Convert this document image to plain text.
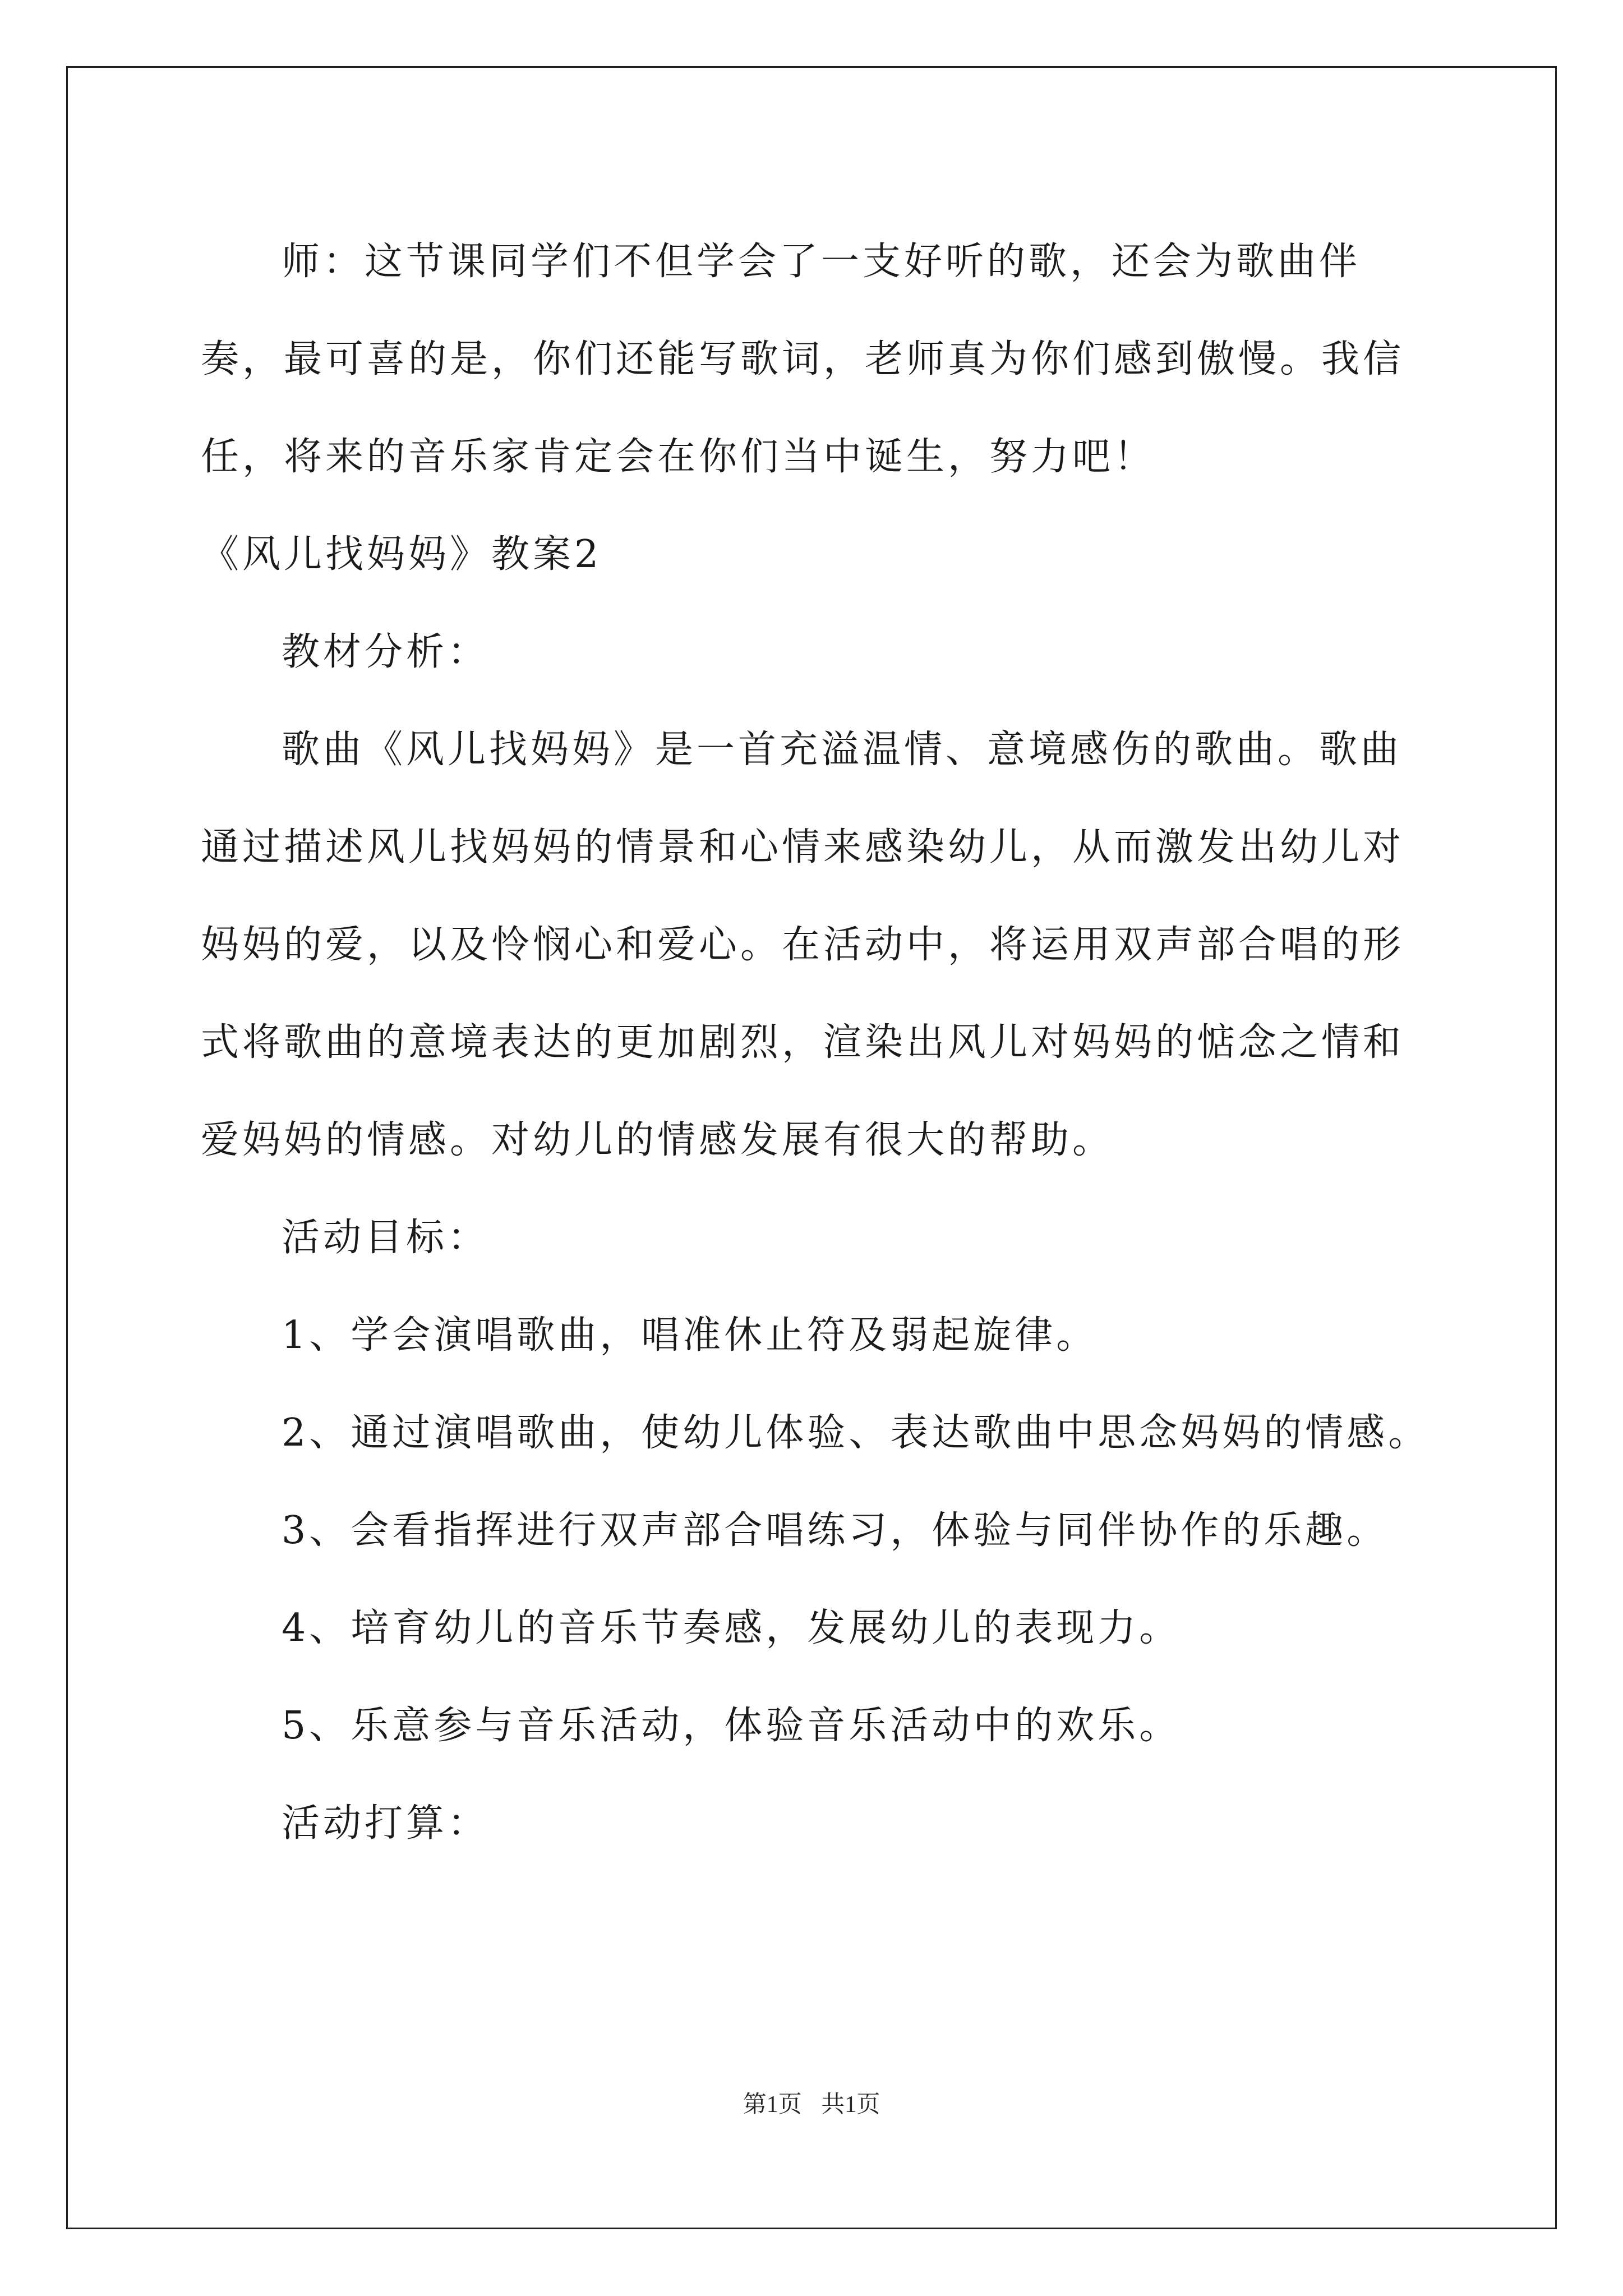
师：这节课同学们不但学会了一支好听的歌，还会为歌曲伴奏，最可喜的是，你们还能写歌词，老师真为你们感到傲慢。我信任，将来的音乐家肯定会在你们当中诞生，努力吧！

《风儿找妈妈》教案2

教材分析：

歌曲《风儿找妈妈》是一首充溢温情、意境感伤的歌曲。歌曲通过描述风儿找妈妈的情景和心情来感染幼儿，从而激发出幼儿对妈妈的爱，以及怜悯心和爱心。在活动中，将运用双声部合唱的形式将歌曲的意境表达的更加剧烈，渲染出风儿对妈妈的惦念之情和爱妈妈的情感。对幼儿的情感发展有很大的帮助。

活动目标：

1、学会演唱歌曲，唱准休止符及弱起旋律。

2、通过演唱歌曲，使幼儿体验、表达歌曲中思念妈妈的情感。

3、会看指挥进行双声部合唱练习，体验与同伴协作的乐趣。

4、培育幼儿的音乐节奏感，发展幼儿的表现力。

5、乐意参与音乐活动，体验音乐活动中的欢乐。

活动打算：

第1页 共1页
